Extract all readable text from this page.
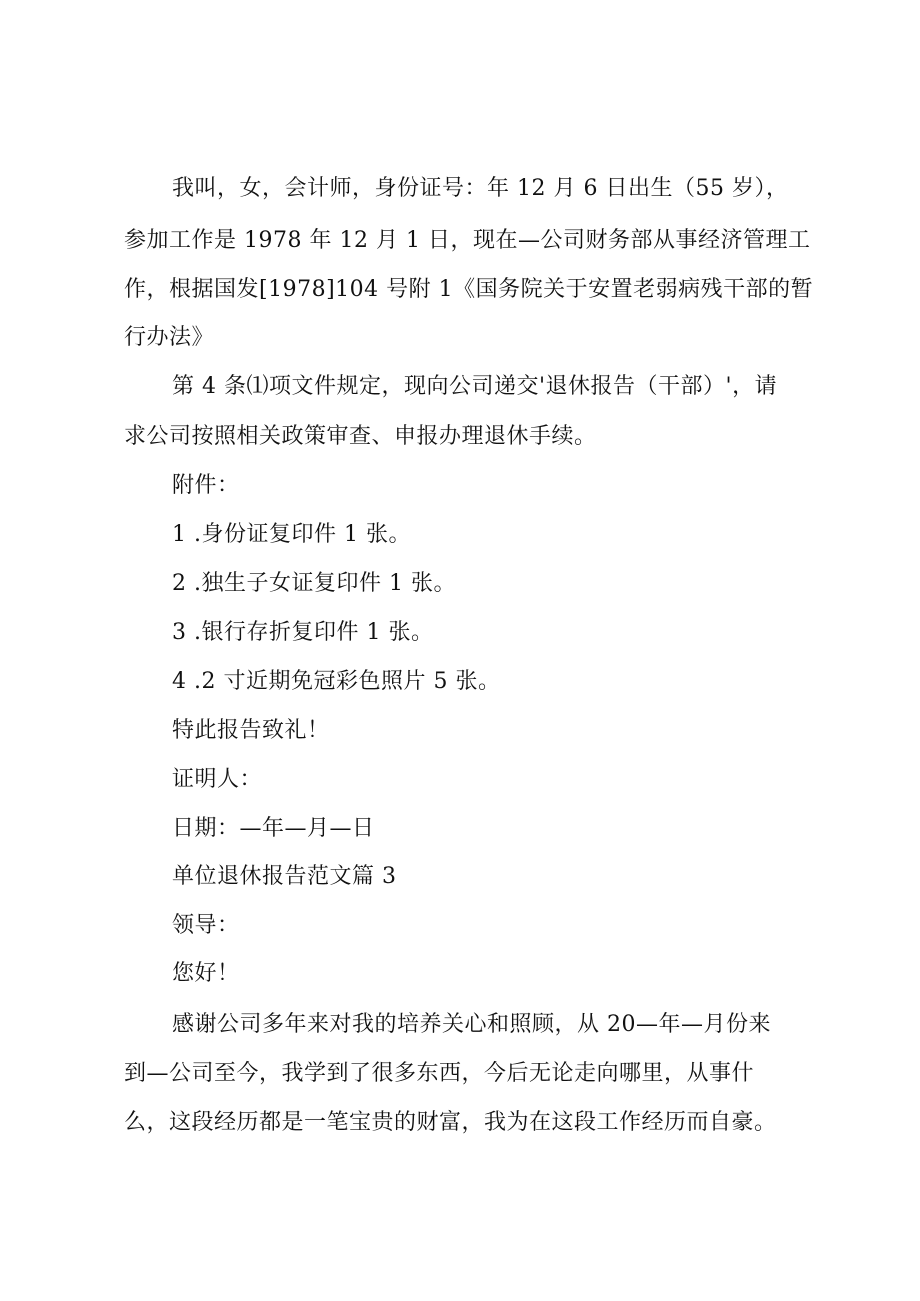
我叫，女，会计师，身份证号：年 12 月 6 日出生（55 岁），
参加工作是 1978 年 12 月 1 日，现在—公司财务部从事经济管理工
作，根据国发[1978]104 号附 1《国务院关于安置老弱病残干部的暂
行办法》
第 4 条⑴项文件规定，现向公司递交'退休报告（干部）'，请
求公司按照相关政策审查、申报办理退休手续。
附件：
1 .身份证复印件 1 张。
2 .独生子女证复印件 1 张。
3 .银行存折复印件 1 张。
4 .2 寸近期免冠彩色照片 5 张。
特此报告致礼！
证明人：
日期：—年—月—日
单位退休报告范文篇 3
领导：
您好！
感谢公司多年来对我的培养关心和照顾，从 20—年—月份来
到—公司至今，我学到了很多东西，今后无论走向哪里，从事什
么，这段经历都是一笔宝贵的财富，我为在这段工作经历而自豪。
